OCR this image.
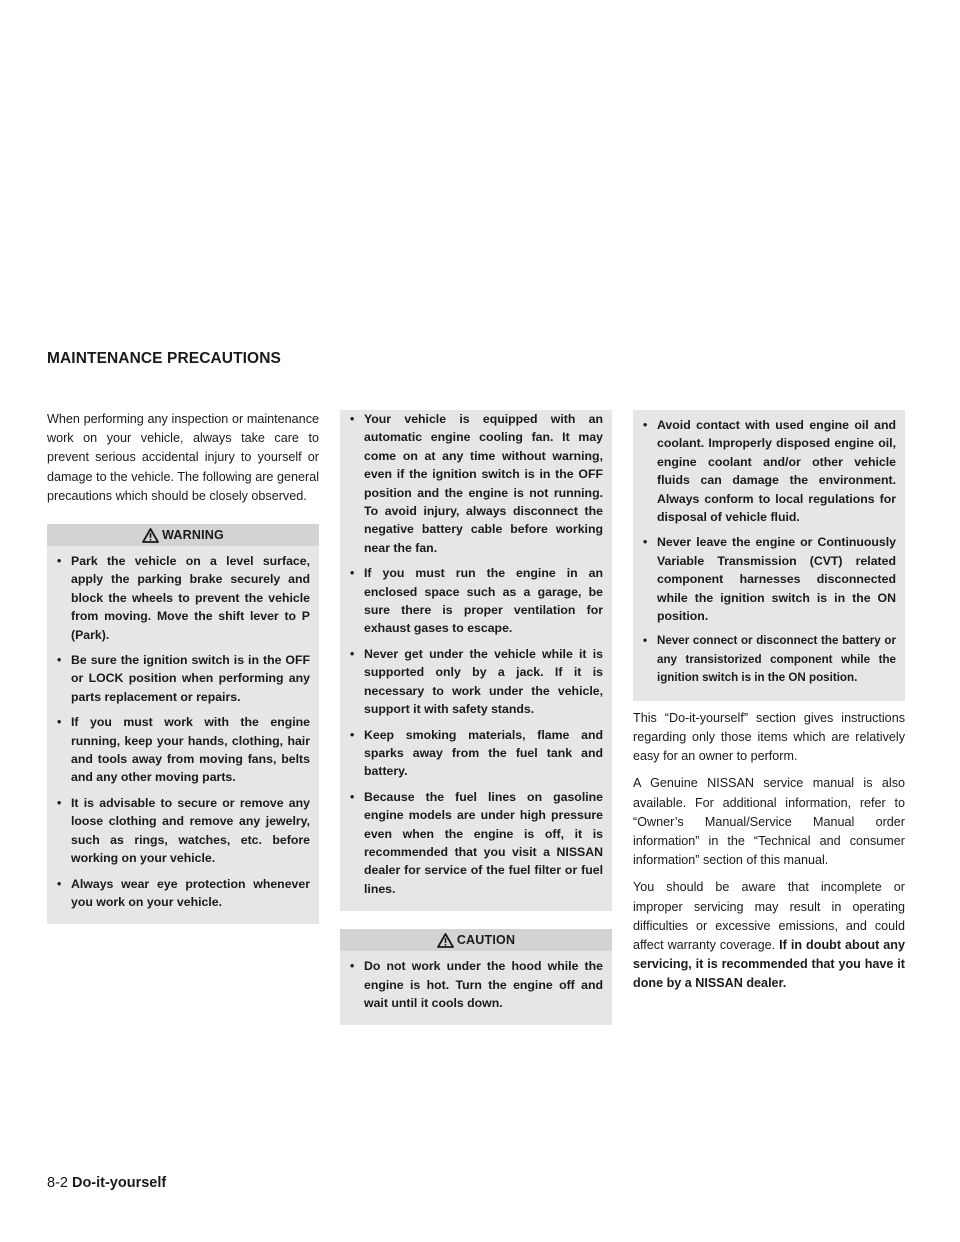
MAINTENANCE PRECAUTIONS

When performing any inspection or maintenance work on your vehicle, always take care to prevent serious accidental injury to yourself or damage to the vehicle. The following are general precautions which should be closely observed.

WARNING
• Park the vehicle on a level surface, apply the parking brake securely and block the wheels to prevent the vehicle from moving. Move the shift lever to P (Park).
• Be sure the ignition switch is in the OFF or LOCK position when performing any parts replacement or repairs.
• If you must work with the engine running, keep your hands, clothing, hair and tools away from moving fans, belts and any other moving parts.
• It is advisable to secure or remove any loose clothing and remove any jewelry, such as rings, watches, etc. before working on your vehicle.
• Always wear eye protection whenever you work on your vehicle.
• Your vehicle is equipped with an automatic engine cooling fan. It may come on at any time without warning, even if the ignition switch is in the OFF position and the engine is not running. To avoid injury, always disconnect the negative battery cable before working near the fan.
• If you must run the engine in an enclosed space such as a garage, be sure there is proper ventilation for exhaust gases to escape.
• Never get under the vehicle while it is supported only by a jack. If it is necessary to work under the vehicle, support it with safety stands.
• Keep smoking materials, flame and sparks away from the fuel tank and battery.
• Because the fuel lines on gasoline engine models are under high pressure even when the engine is off, it is recommended that you visit a NISSAN dealer for service of the fuel filter or fuel lines.
CAUTION
• Do not work under the hood while the engine is hot. Turn the engine off and wait until it cools down.
• Avoid contact with used engine oil and coolant. Improperly disposed engine oil, engine coolant and/or other vehicle fluids can damage the environment. Always conform to local regulations for disposal of vehicle fluid.
• Never leave the engine or Continuously Variable Transmission (CVT) related component harnesses disconnected while the ignition switch is in the ON position.
• Never connect or disconnect the battery or any transistorized component while the ignition switch is in the ON position.

This “Do-it-yourself” section gives instructions regarding only those items which are relatively easy for an owner to perform.

A Genuine NISSAN service manual is also available. For additional information, refer to “Owner’s Manual/Service Manual order information” in the “Technical and consumer information” section of this manual.

You should be aware that incomplete or improper servicing may result in operating difficulties or excessive emissions, and could affect warranty coverage. If in doubt about any servicing, it is recommended that you have it done by a NISSAN dealer.

8-2 Do-it-yourself
